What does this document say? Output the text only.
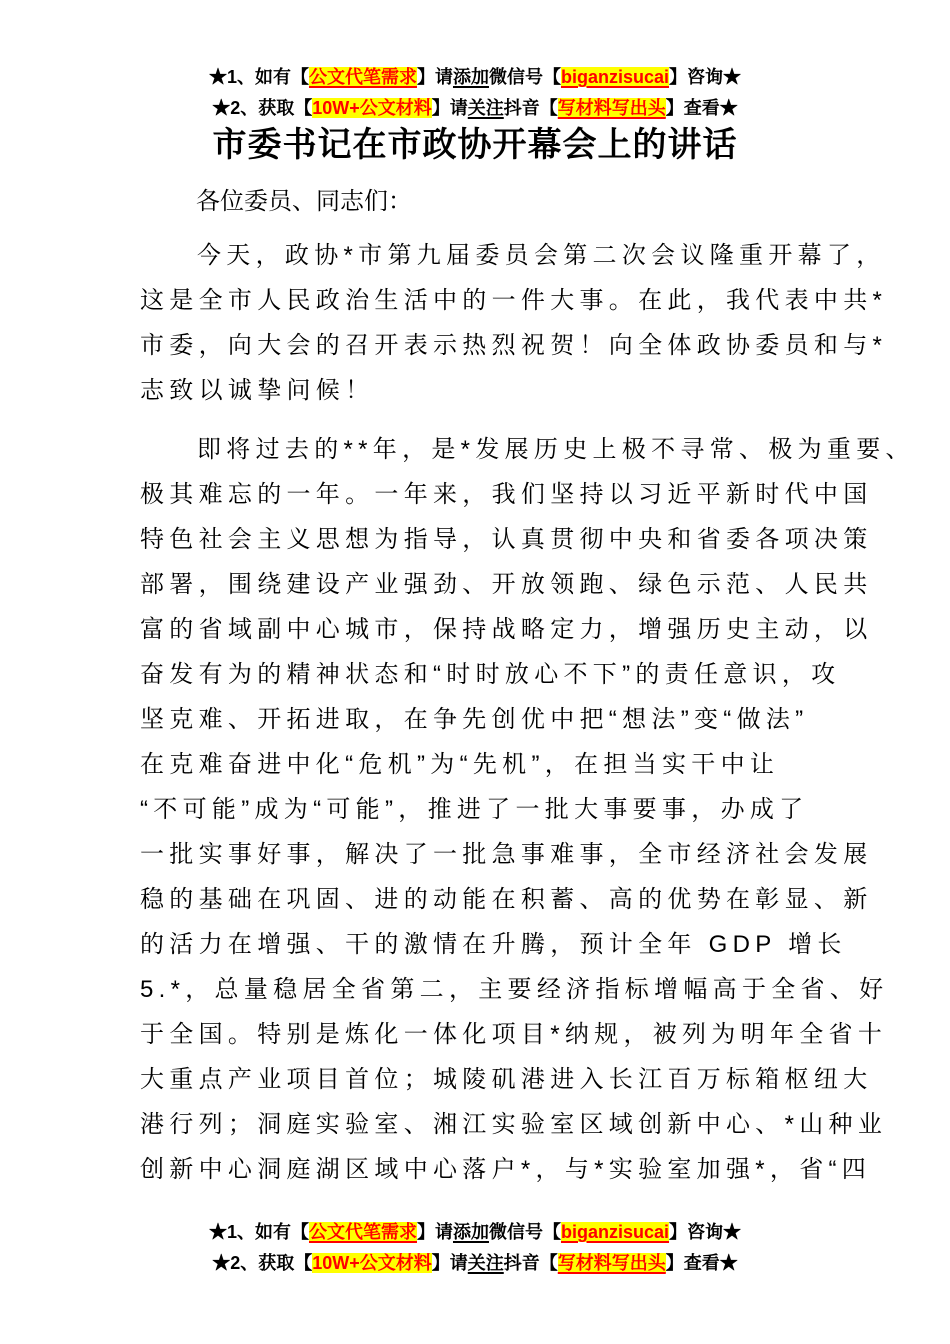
★1、如有【公文代笔需求】请添加微信号【biganzisucai】咨询★
★2、获取【10W+公文材料】请关注抖音【写材料写出头】查看★
市委书记在市政协开幕会上的讲话
各位委员、同志们：
今天，政协*市第九届委员会第二次会议隆重开幕了，
这是全市人民政治生活中的一件大事。在此，我代表中共*
市委，向大会的召开表示热烈祝贺！向全体政协委员和与*
志致以诚挚问候！
即将过去的**年，是*发展历史上极不寻常、极为重要、
极其难忘的一年。一年来，我们坚持以习近平新时代中国
特色社会主义思想为指导，认真贯彻中央和省委各项决策
部署，围绕建设产业强劲、开放领跑、绿色示范、人民共
富的省域副中心城市，保持战略定力，增强历史主动，以
奋发有为的精神状态和“时时放心不下”的责任意识，攻
坚克难、开拓进取，在争先创优中把“想法”变“做法”
在克难奋进中化“危机”为“先机”，在担当实干中让
“不可能”成为“可能”，推进了一批大事要事，办成了
一批实事好事，解决了一批急事难事，全市经济社会发展
稳的基础在巩固、进的动能在积蓄、高的优势在彰显、新
的活力在增强、干的激情在升腾，预计全年 GDP 增长
5.*，总量稳居全省第二，主要经济指标增幅高于全省、好
于全国。特别是炼化一体化项目*纳规，被列为明年全省十
大重点产业项目首位；城陵矶港进入长江百万标箱枢纽大
港行列；洞庭实验室、湘江实验室区域创新中心、*山种业
创新中心洞庭湖区域中心落户*，与*实验室加强*，省“四
★1、如有【公文代笔需求】请添加微信号【biganzisucai】咨询★
★2、获取【10W+公文材料】请关注抖音【写材料写出头】查看★
